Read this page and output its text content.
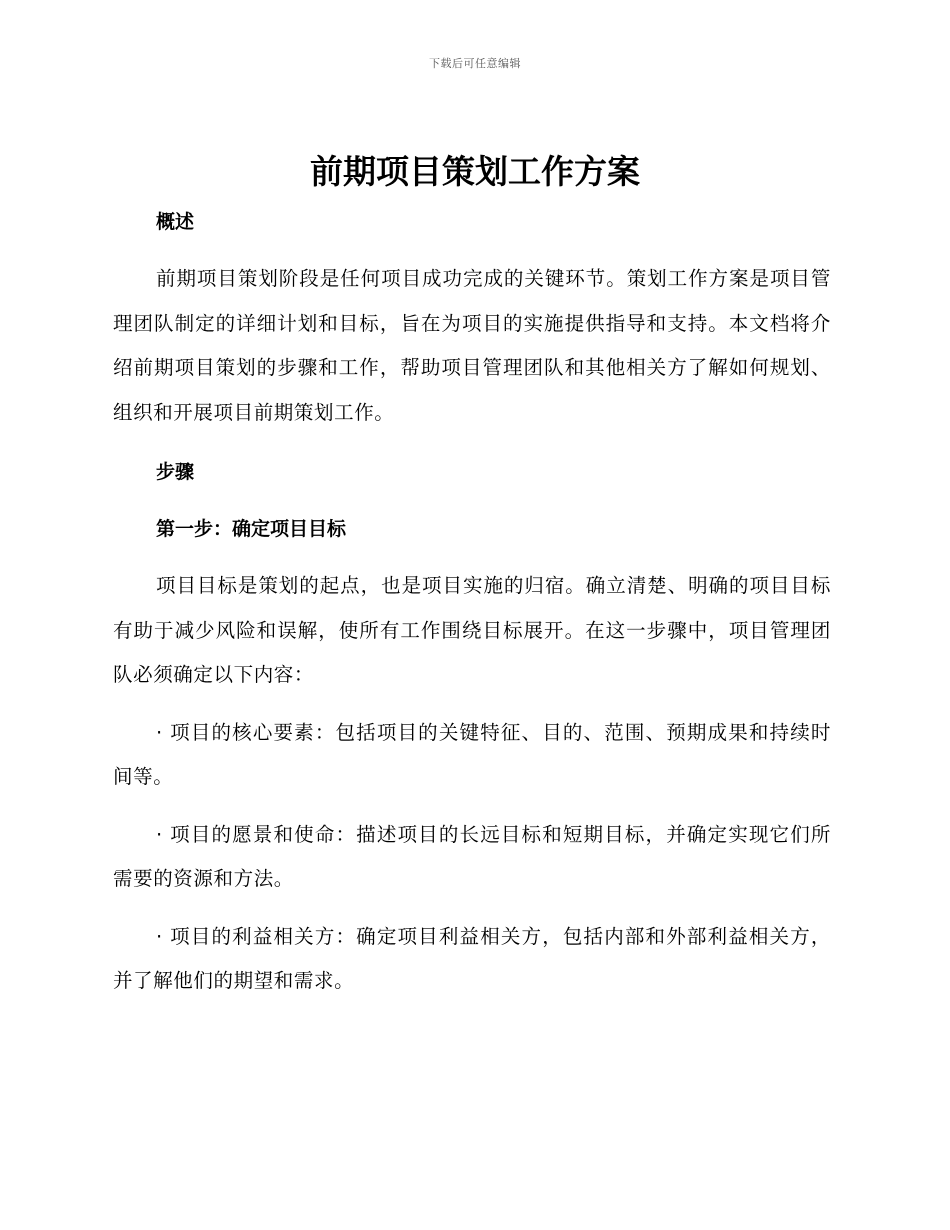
下载后可任意编辑
前期项目策划工作方案

概述

前期项目策划阶段是任何项目成功完成的关键环节。策划工作方案是项目管理团队制定的详细计划和目标，旨在为项目的实施提供指导和支持。本文档将介绍前期项目策划的步骤和工作，帮助项目管理团队和其他相关方了解如何规划、组织和开展项目前期策划工作。

步骤

第一步：确定项目目标

项目目标是策划的起点，也是项目实施的归宿。确立清楚、明确的项目目标有助于减少风险和误解，使所有工作围绕目标展开。在这一步骤中，项目管理团队必须确定以下内容：

· 项目的核心要素：包括项目的关键特征、目的、范围、预期成果和持续时间等。

· 项目的愿景和使命：描述项目的长远目标和短期目标，并确定实现它们所需要的资源和方法。

· 项目的利益相关方：确定项目利益相关方，包括内部和外部利益相关方，并了解他们的期望和需求。
